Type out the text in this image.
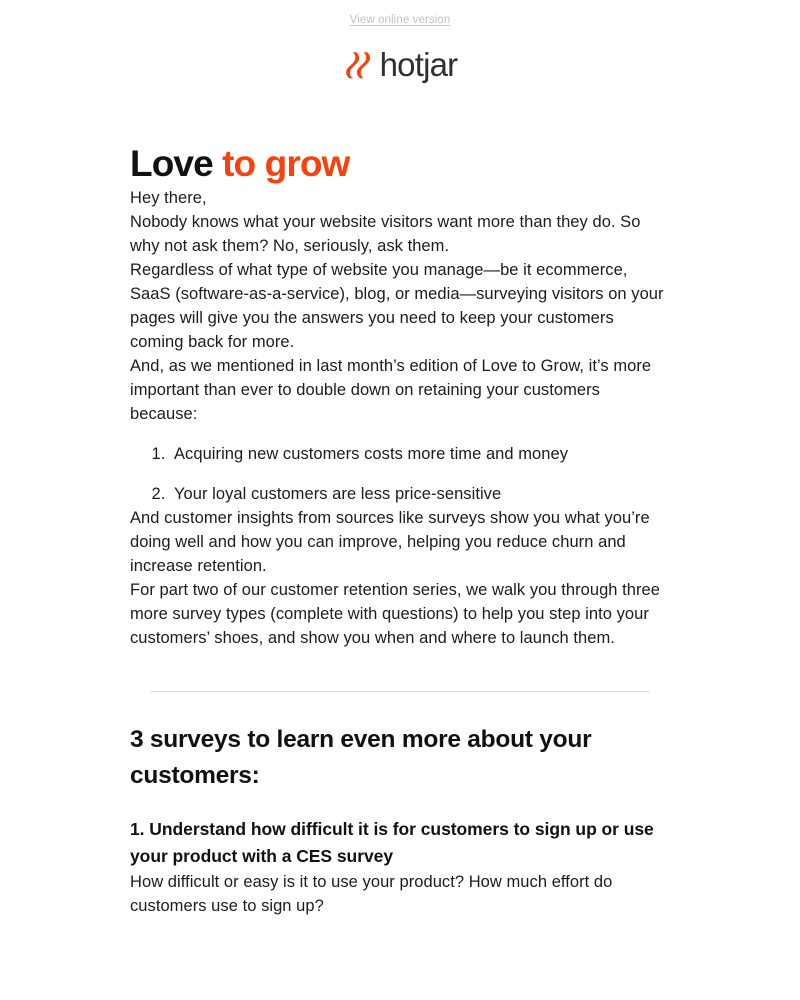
View online version
hotjar
Love to grow

Hey there,

Nobody knows what your website visitors want more than they do. So why not ask them? No, seriously, ask them.

Regardless of what type of website you manage—be it ecommerce, SaaS (software-as-a-service), blog, or media—surveying visitors on your pages will give you the answers you need to keep your customers coming back for more.

And, as we mentioned in last month’s edition of Love to Grow, it’s more important than ever to double down on retaining your customers because:

1. Acquiring new customers costs more time and money
2. Your loyal customers are less price-sensitive

And customer insights from sources like surveys show you what you’re doing well and how you can improve, helping you reduce churn and increase retention.

For part two of our customer retention series, we walk you through three more survey types (complete with questions) to help you step into your customers’ shoes, and show you when and where to launch them.

3 surveys to learn even more about your customers:
1. Understand how difficult it is for customers to sign up or use your product with a CES survey

How difficult or easy is it to use your product? How much effort do customers use to sign up?
